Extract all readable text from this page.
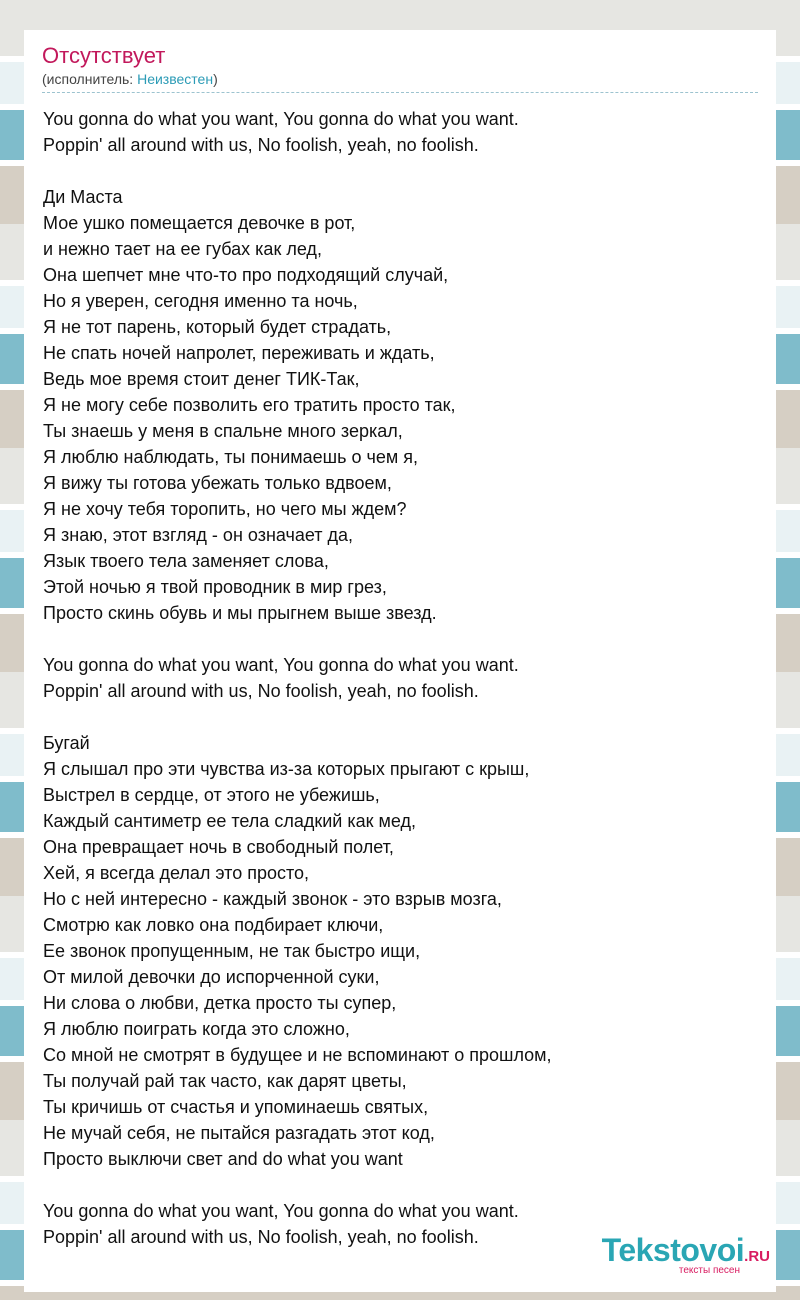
Отсутствует
(исполнитель: Неизвестен)
You gonna do what you want, You gonna do what you want.
Poppin' all around with us, No foolish, yeah, no foolish.
Ди Маста
Мое ушко помещается девочке в рот,
и нежно тает на ее губах как лед,
Она шепчет мне что-то про подходящий случай,
Но я уверен, сегодня именно та ночь,
Я не тот парень, который будет страдать,
Не спать ночей напролет, переживать и ждать,
Ведь мое время стоит денег ТИК-Так,
Я не могу себе позволить его тратить просто так,
Ты знаешь у меня в спальне много зеркал,
Я люблю наблюдать, ты понимаешь о чем я,
Я вижу ты готова убежать только вдвоем,
Я не хочу тебя торопить, но чего мы ждем?
Я знаю, этот взгляд - он означает да,
Язык твоего тела заменяет слова,
Этой ночью я твой проводник в мир грез,
Просто скинь обувь и мы прыгнем выше звезд.
You gonna do what you want, You gonna do what you want.
Poppin' all around with us, No foolish, yeah, no foolish.
Бугай
Я слышал про эти чувства из-за которых прыгают с крыш,
Выстрел в сердце, от этого не убежишь,
Каждый сантиметр ее тела сладкий как мед,
Она превращает ночь в свободный полет,
Хей, я всегда делал это просто,
Но с ней интересно - каждый звонок - это взрыв мозга,
Смотрю как ловко она подбирает ключи,
Ее звонок пропущенным, не так быстро ищи,
От милой девочки до испорченной суки,
Ни слова о любви, детка просто ты супер,
Я люблю поиграть когда это сложно,
Со мной не смотрят в будущее и не вспоминают о прошлом,
Ты получай рай так часто, как дарят цветы,
Ты кричишь от счастья и упоминаешь святых,
Не мучай себя, не пытайся разгадать этот код,
Просто выключи свет and do what you want
You gonna do what you want, You gonna do what you want.
Poppin' all around with us, No foolish, yeah, no foolish.	Tekstovoi.RU
тексты песен
